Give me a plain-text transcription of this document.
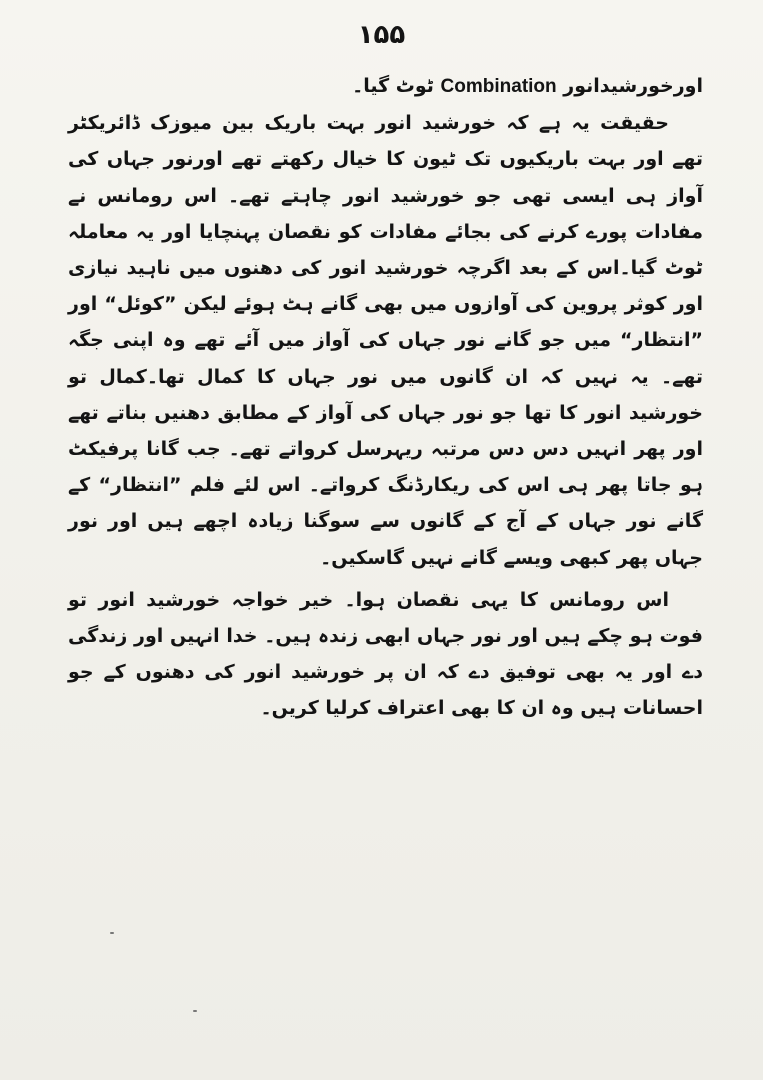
۱۵۵

اورخورشیدانور Combination ٹوٹ گیا۔

حقیقت یہ ہے کہ خورشید انور بہت باریک بین میوزک ڈائریکٹر تھے اور بہت باریکیوں تک ٹیون کا خیال رکھتے تھے اورنور جہاں کی آواز ہی ایسی تھی جو خورشید انور چاہتے تھے۔ اس رومانس نے مفادات پورے کرنے کی بجائے مفادات کو نقصان پہنچایا اور یہ معاملہ ٹوٹ گیا۔اس کے بعد اگرچہ خورشید انور کی دھنوں میں ناہید نیازی اور کوثر پروین کی آوازوں میں بھی گانے ہٹ ہوئے لیکن ”کوئل“ اور ”انتظار“ میں جو گانے نور جہاں کی آواز میں آئے تھے وہ اپنی جگہ تھے۔ یہ نہیں کہ ان گانوں میں نور جہاں کا کمال تھا۔کمال تو خورشید انور کا تھا جو نور جہاں کی آواز کے مطابق دھنیں بناتے تھے اور پھر انہیں دس دس مرتبہ ریہرسل کرواتے تھے۔ جب گانا پرفیکٹ ہو جاتا پھر ہی اس کی ریکارڈنگ کرواتے۔ اس لئے فلم ”انتظار“ کے گانے نور جہاں کے آج کے گانوں سے سوگنا زیادہ اچھے ہیں اور نور جہاں پھر کبھی ویسے گانے نہیں گاسکیں۔

اس رومانس کا یہی نقصان ہوا۔ خیر خواجہ خورشید انور تو فوت ہو چکے ہیں اور نور جہاں ابھی زندہ ہیں۔ خدا انہیں اور زندگی دے اور یہ بھی توفیق دے کہ ان پر خورشید انور کی دھنوں کے جو احسانات ہیں وہ ان کا بھی اعتراف کرلیا کریں۔
